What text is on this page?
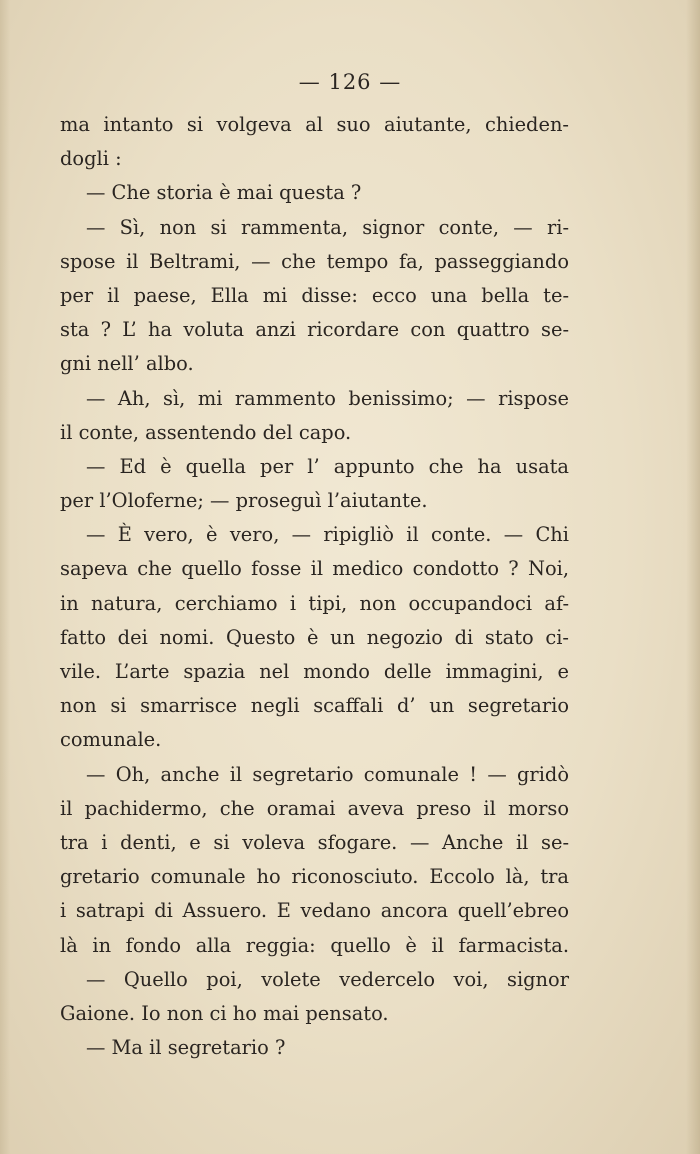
— 126 —
ma intanto si volgeva al suo aiutante, chieden-
dogli :
— Che storia è mai questa ?
— Sì, non si rammenta, signor conte, — ri-
spose il Beltrami, — che tempo fa, passeggiando
per il paese, Ella mi disse: ecco una bella te-
sta ? L’ ha voluta anzi ricordare con quattro se-
gni nell’ albo.
— Ah, sì, mi rammento benissimo; — rispose
il conte, assentendo del capo.
— Ed è quella per l’ appunto che ha usata
per l’Oloferne; — proseguì l’aiutante.
— È vero, è vero, — ripigliò il conte. — Chi
sapeva che quello fosse il medico condotto ? Noi,
in natura, cerchiamo i tipi, non occupandoci af-
fatto dei nomi. Questo è un negozio di stato ci-
vile. L’arte spazia nel mondo delle immagini, e
non si smarrisce negli scaffali d’ un segretario
comunale.
— Oh, anche il segretario comunale ! — gridò
il pachidermo, che oramai aveva preso il morso
tra i denti, e si voleva sfogare. — Anche il se-
gretario comunale ho riconosciuto. Eccolo là, tra
i satrapi di Assuero. E vedano ancora quell’ebreo
là in fondo alla reggia: quello è il farmacista.
— Quello poi, volete vedercelo voi, signor
Gaione. Io non ci ho mai pensato.
— Ma il segretario ?
